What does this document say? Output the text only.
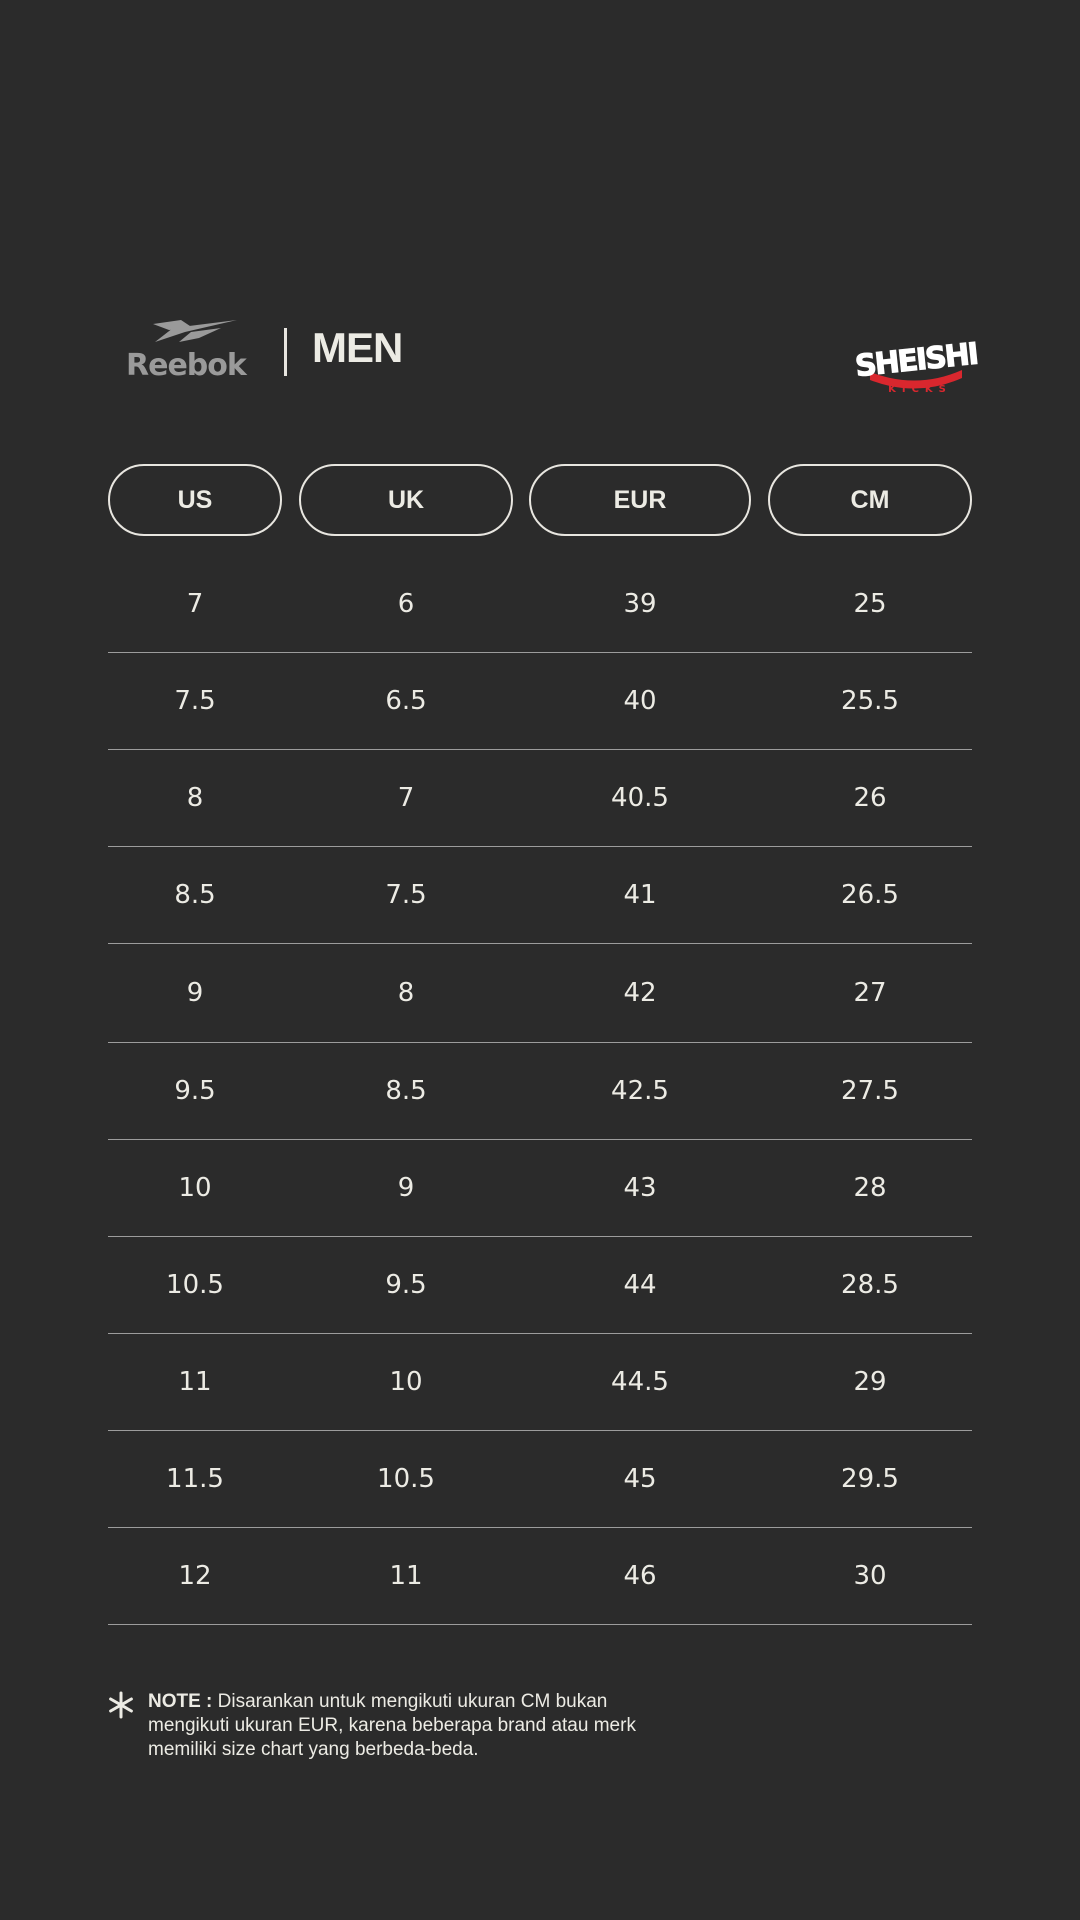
Reebok	MEN	SHEISHI
KICKS
US	UK	EUR	CM
7	6	39	25
7.5	6.5	40	25.5
8	7	40.5	26
8.5	7.5	41	26.5
9	8	42	27
9.5	8.5	42.5	27.5
10	9	43	28
10.5	9.5	44	28.5
11	10	44.5	29
11.5	10.5	45	29.5
12	11	46	30
NOTE : Disarankan untuk mengikuti ukuran CM bukan mengikuti ukuran EUR, karena beberapa brand atau merk memiliki size chart yang berbeda-beda.
